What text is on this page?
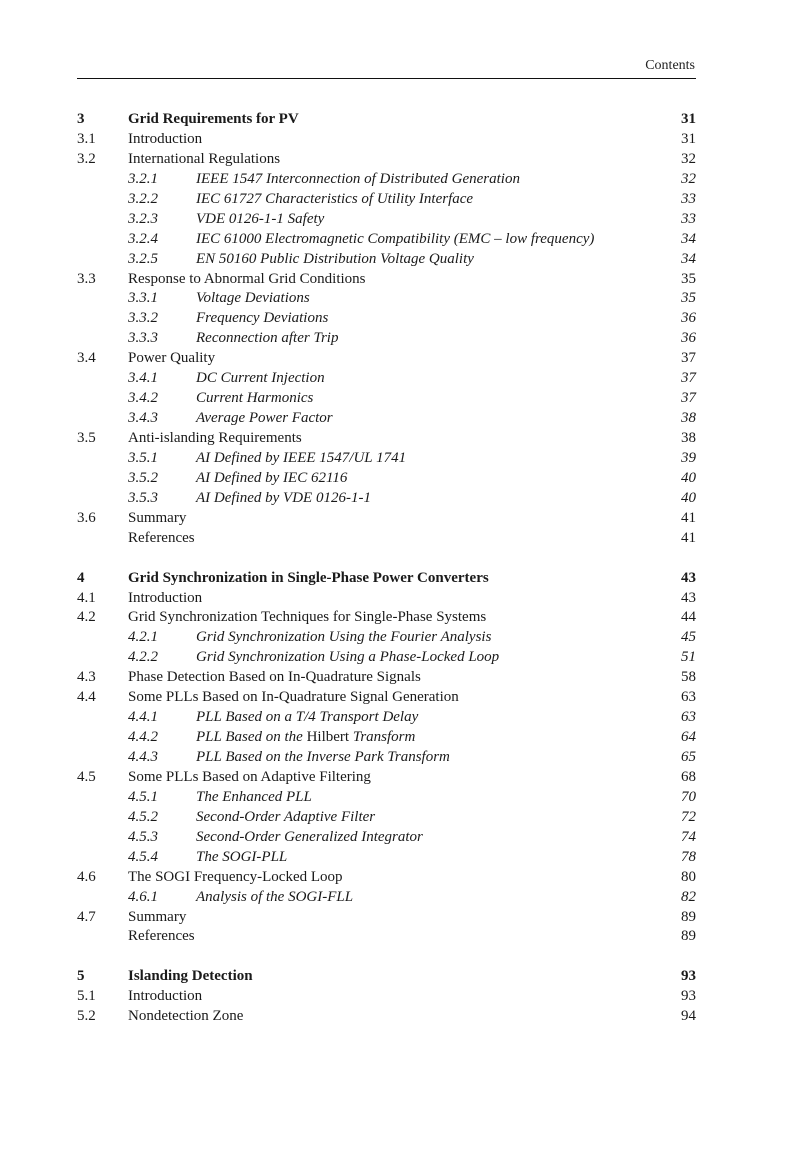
Contents
3	Grid Requirements for PV	31
3.1 Introduction	31
3.2 International Regulations	32
3.2.1	IEEE 1547 Interconnection of Distributed Generation	32
3.2.2	IEC 61727 Characteristics of Utility Interface	33
3.2.3	VDE 0126-1-1 Safety	33
3.2.4	IEC 61000 Electromagnetic Compatibility (EMC – low frequency)	34
3.2.5	EN 50160 Public Distribution Voltage Quality	34
3.3 Response to Abnormal Grid Conditions	35
3.3.1	Voltage Deviations	35
3.3.2	Frequency Deviations	36
3.3.3	Reconnection after Trip	36
3.4 Power Quality	37
3.4.1	DC Current Injection	37
3.4.2	Current Harmonics	37
3.4.3	Average Power Factor	38
3.5 Anti-islanding Requirements	38
3.5.1	AI Defined by IEEE 1547/UL 1741	39
3.5.2	AI Defined by IEC 62116	40
3.5.3	AI Defined by VDE 0126-1-1	40
3.6 Summary	41
References	41
4	Grid Synchronization in Single-Phase Power Converters	43
4.1 Introduction	43
4.2 Grid Synchronization Techniques for Single-Phase Systems	44
4.2.1	Grid Synchronization Using the Fourier Analysis	45
4.2.2	Grid Synchronization Using a Phase-Locked Loop	51
4.3 Phase Detection Based on In-Quadrature Signals	58
4.4 Some PLLs Based on In-Quadrature Signal Generation	63
4.4.1	PLL Based on a T/4 Transport Delay	63
4.4.2	PLL Based on the Hilbert Transform	64
4.4.3	PLL Based on the Inverse Park Transform	65
4.5 Some PLLs Based on Adaptive Filtering	68
4.5.1	The Enhanced PLL	70
4.5.2	Second-Order Adaptive Filter	72
4.5.3	Second-Order Generalized Integrator	74
4.5.4	The SOGI-PLL	78
4.6 The SOGI Frequency-Locked Loop	80
4.6.1	Analysis of the SOGI-FLL	82
4.7 Summary	89
References	89
5	Islanding Detection	93
5.1 Introduction	93
5.2 Nondetection Zone	94
